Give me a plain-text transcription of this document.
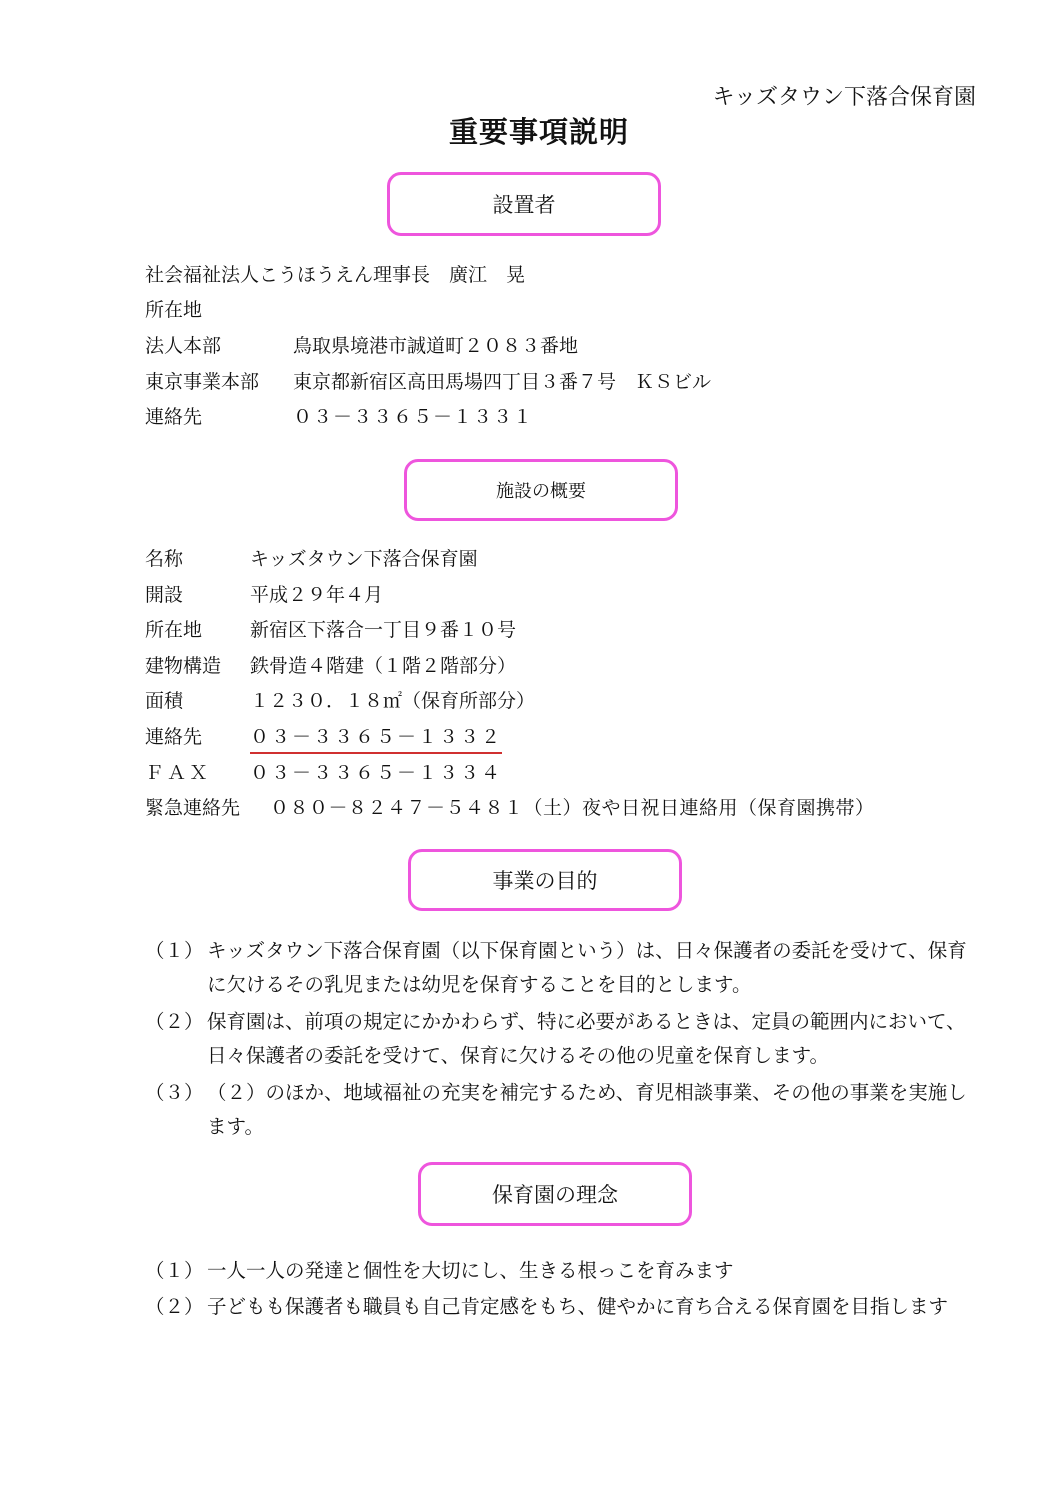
キッズタウン下落合保育園
重要事項説明
設置者
社会福祉法人こうほうえん理事長　廣江　晃
所在地
法人本部	鳥取県境港市誠道町２０８３番地
東京事業本部 東京都新宿区高田馬場四丁目３番７号　ＫＳビル
連絡先	０３－３３６５－１３３１
施設の概要
名称	キッズタウン下落合保育園
開設	平成２９年４月
所在地	新宿区下落合一丁目９番１０号
建物構造 鉄骨造４階建（１階２階部分）
面積	１２３０．１８㎡（保育所部分）
連絡先	０３－３３６５－１３３２
ＦＡＸ ０３－３３６５－１３３４
緊急連絡先 ０８０－８２４７－５４８１（土）夜や日祝日連絡用（保育園携帯）
事業の目的
（１） キッズタウン下落合保育園（以下保育園という）は、日々保護者の委託を受けて、保育に欠けるその乳児または幼児を保育することを目的とします。
（２） 保育園は、前項の規定にかかわらず、特に必要があるときは、定員の範囲内において、日々保護者の委託を受けて、保育に欠けるその他の児童を保育します。
（３） （２）のほか、地域福祉の充実を補完するため、育児相談事業、その他の事業を実施します。
保育園の理念
（１） 一人一人の発達と個性を大切にし、生きる根っこを育みます
（２） 子どもも保護者も職員も自己肯定感をもち、健やかに育ち合える保育園を目指します
